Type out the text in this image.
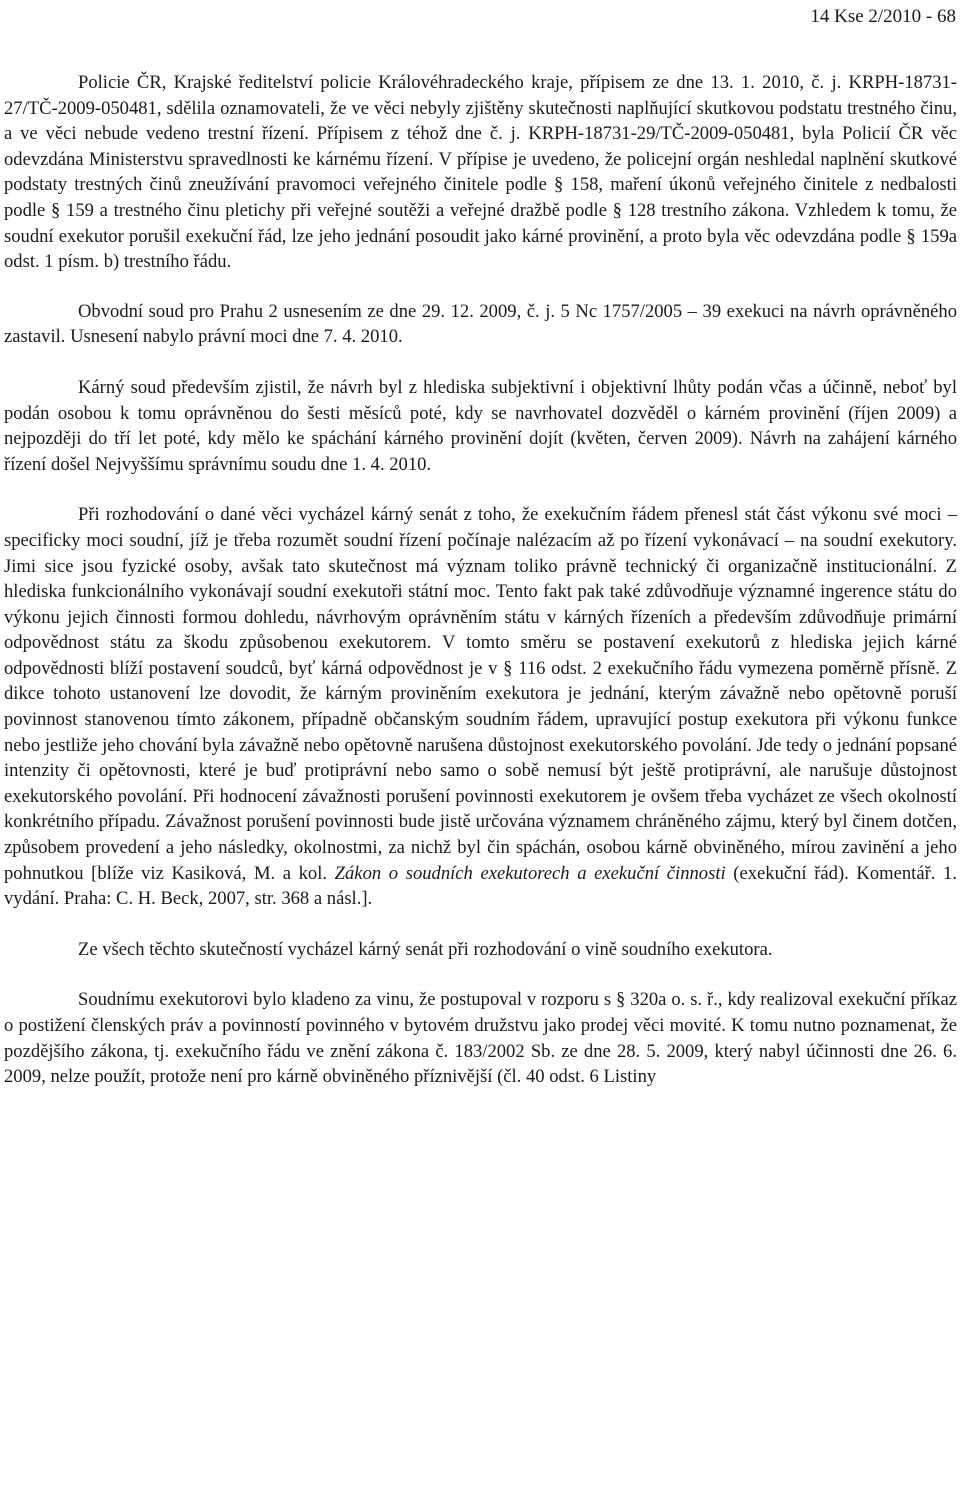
14 Kse 2/2010 - 68

Policie ČR, Krajské ředitelství policie Královéhradeckého kraje, přípisem ze dne 13. 1. 2010, č. j. KRPH-18731-27/TČ-2009-050481, sdělila oznamovateli, že ve věci nebyly zjištěny skutečnosti naplňující skutkovou podstatu trestného činu, a ve věci nebude vedeno trestní řízení. Přípisem z téhož dne č. j. KRPH-18731-29/TČ-2009-050481, byla Policií ČR věc odevzdána Ministerstvu spravedlnosti ke kárnému řízení. V přípise je uvedeno, že policejní orgán neshledal naplnění skutkové podstaty trestných činů zneužívání pravomoci veřejného činitele podle § 158, maření úkonů veřejného činitele z nedbalosti podle § 159 a trestného činu pletichy při veřejné soutěži a veřejné dražbě podle § 128 trestního zákona. Vzhledem k tomu, že soudní exekutor porušil exekuční řád, lze jeho jednání posoudit jako kárné provinění, a proto byla věc odevzdána podle § 159a odst. 1 písm. b) trestního řádu.

Obvodní soud pro Prahu 2 usnesením ze dne 29. 12. 2009, č. j. 5 Nc 1757/2005 – 39 exekuci na návrh oprávněného zastavil. Usnesení nabylo právní moci dne 7. 4. 2010.

Kárný soud především zjistil, že návrh byl z hlediska subjektivní i objektivní lhůty podán včas a účinně, neboť byl podán osobou k tomu oprávněnou do šesti měsíců poté, kdy se navrhovatel dozvěděl o kárném provinění (říjen 2009) a nejpozději do tří let poté, kdy mělo ke spáchání kárného provinění dojít (květen, červen 2009). Návrh na zahájení kárného řízení došel Nejvyššímu správnímu soudu dne 1. 4. 2010.

Při rozhodování o dané věci vycházel kárný senát z toho, že exekučním řádem přenesl stát část výkonu své moci – specificky moci soudní, jíž je třeba rozumět soudní řízení počínaje nalézacím až po řízení vykonávací – na soudní exekutory. Jimi sice jsou fyzické osoby, avšak tato skutečnost má význam toliko právně technický či organizačně institucionální. Z hlediska funkcionálního vykonávají soudní exekutoři státní moc. Tento fakt pak také zdůvodňuje významné ingerence státu do výkonu jejich činnosti formou dohledu, návrhovým oprávněním státu v kárných řízeních a především zdůvodňuje primární odpovědnost státu za škodu způsobenou exekutorem. V tomto směru se postavení exekutorů z hlediska jejich kárné odpovědnosti blíží postavení soudců, byť kárná odpovědnost je v § 116 odst. 2 exekučního řádu vymezena poměrně přísně. Z dikce tohoto ustanovení lze dovodit, že kárným proviněním exekutora je jednání, kterým závažně nebo opětovně poruší povinnost stanovenou tímto zákonem, případně občanským soudním řádem, upravující postup exekutora při výkonu funkce nebo jestliže jeho chování byla závažně nebo opětovně narušena důstojnost exekutorského povolání. Jde tedy o jednání popsané intenzity či opětovnosti, které je buď protiprávní nebo samo o sobě nemusí být ještě protiprávní, ale narušuje důstojnost exekutorského povolání. Při hodnocení závažnosti porušení povinnosti exekutorem je ovšem třeba vycházet ze všech okolností konkrétního případu. Závažnost porušení povinnosti bude jistě určována významem chráněného zájmu, který byl činem dotčen, způsobem provedení a jeho následky, okolnostmi, za nichž byl čin spáchán, osobou kárně obviněného, mírou zavinění a jeho pohnutkou [blíže viz Kasiková, M. a kol. Zákon o soudních exekutorech a exekuční činnosti (exekuční řád). Komentář. 1. vydání. Praha: C. H. Beck, 2007, str. 368 a násl.].

Ze všech těchto skutečností vycházel kárný senát při rozhodování o vině soudního exekutora.

Soudnímu exekutorovi bylo kladeno za vinu, že postupoval v rozporu s § 320a o. s. ř., kdy realizoval exekuční příkaz o postižení členských práv a povinností povinného v bytovém družstvu jako prodej věci movité. K tomu nutno poznamenat, že pozdějšího zákona, tj. exekučního řádu ve znění zákona č. 183/2002 Sb. ze dne 28. 5. 2009, který nabyl účinnosti dne 26. 6. 2009, nelze použít, protože není pro kárně obviněného příznivější (čl. 40 odst. 6 Listiny
